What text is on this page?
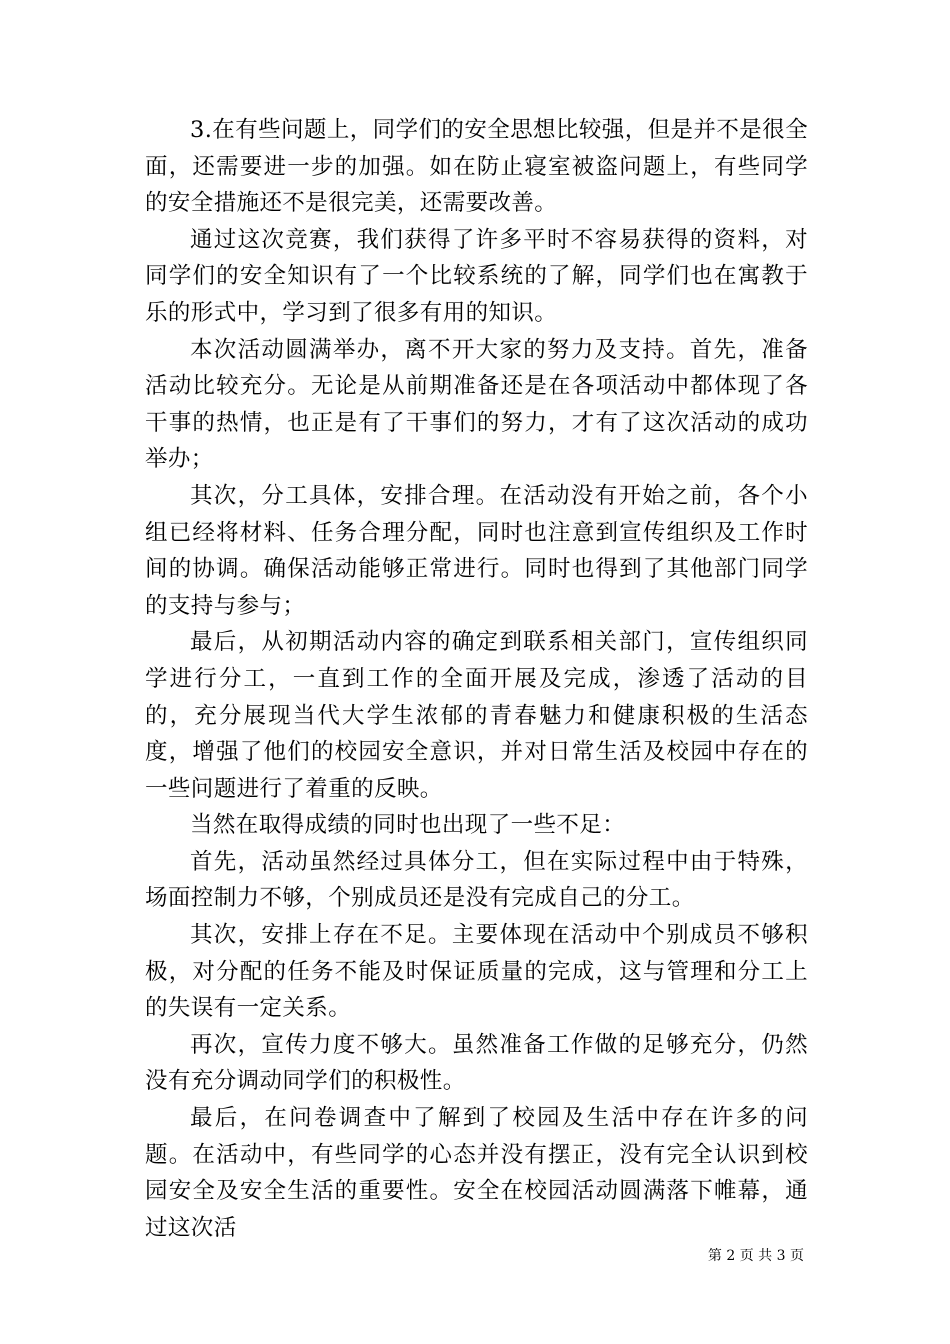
3.在有些问题上，同学们的安全思想比较强，但是并不是很全面，还需要进一步的加强。如在防止寝室被盗问题上，有些同学的安全措施还不是很完美，还需要改善。

通过这次竞赛，我们获得了许多平时不容易获得的资料，对同学们的安全知识有了一个比较系统的了解，同学们也在寓教于乐的形式中，学习到了很多有用的知识。

本次活动圆满举办，离不开大家的努力及支持。首先，准备活动比较充分。无论是从前期准备还是在各项活动中都体现了各干事的热情，也正是有了干事们的努力，才有了这次活动的成功举办；

其次，分工具体，安排合理。在活动没有开始之前，各个小组已经将材料、任务合理分配，同时也注意到宣传组织及工作时间的协调。确保活动能够正常进行。同时也得到了其他部门同学的支持与参与；

最后，从初期活动内容的确定到联系相关部门，宣传组织同学进行分工，一直到工作的全面开展及完成，渗透了活动的目的，充分展现当代大学生浓郁的青春魅力和健康积极的生活态度，增强了他们的校园安全意识，并对日常生活及校园中存在的一些问题进行了着重的反映。

当然在取得成绩的同时也出现了一些不足：

首先，活动虽然经过具体分工，但在实际过程中由于特殊，场面控制力不够，个别成员还是没有完成自己的分工。

其次，安排上存在不足。主要体现在活动中个别成员不够积极，对分配的任务不能及时保证质量的完成，这与管理和分工上的失误有一定关系。

再次，宣传力度不够大。虽然准备工作做的足够充分，仍然没有充分调动同学们的积极性。

最后，在问卷调查中了解到了校园及生活中存在许多的问题。在活动中，有些同学的心态并没有摆正，没有完全认识到校园安全及安全生活的重要性。安全在校园活动圆满落下帷幕，通过这次活

第 2 页 共 3 页
